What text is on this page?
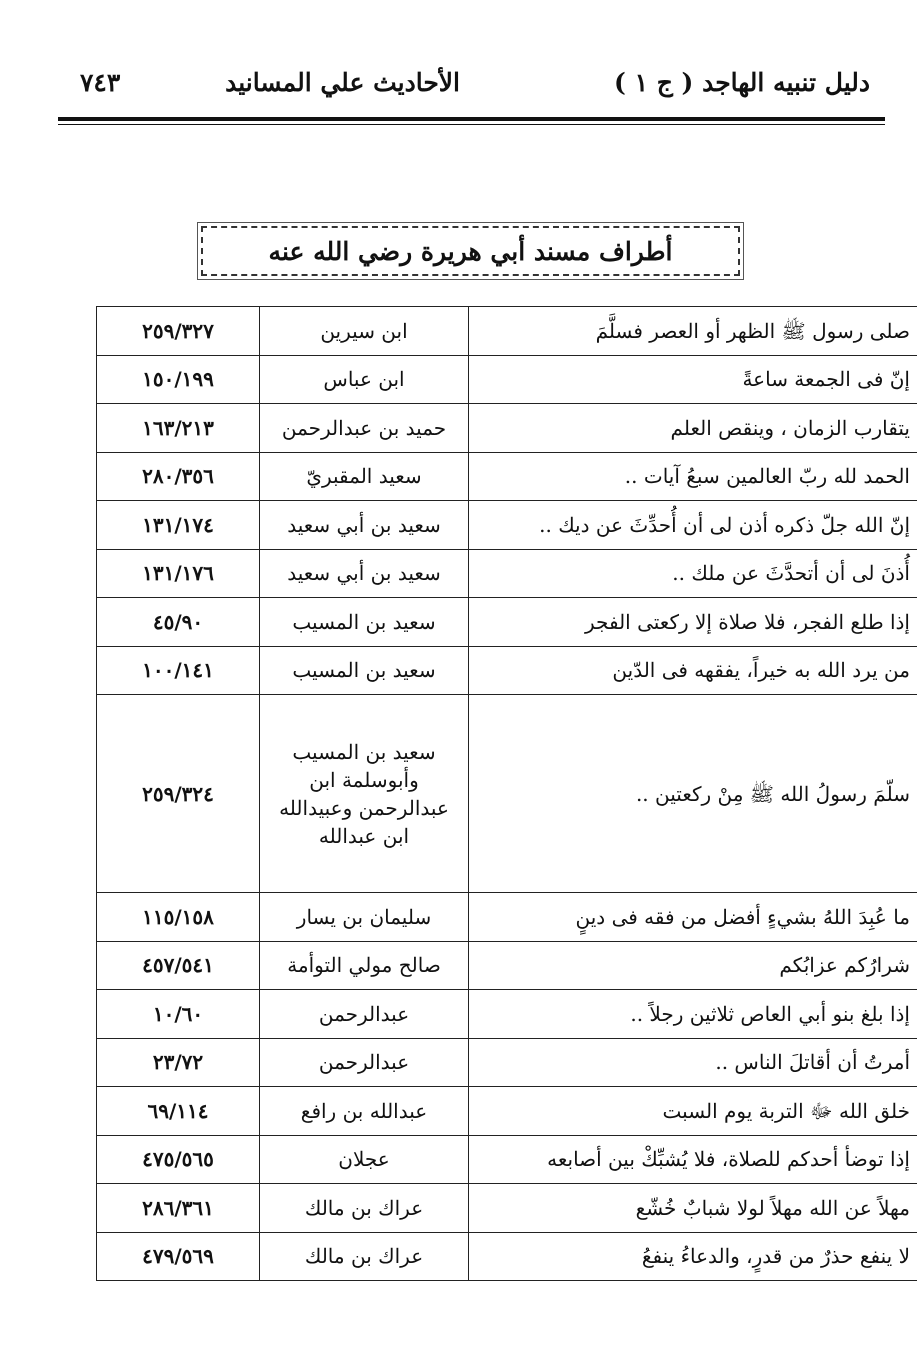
دليل تنبيه الهاجد ( ج ١ )
الأحاديث علي المسانيد
٧٤٣
أطراف مسند أبي هريرة رضي الله عنه
صلى رسول ﷺ الظهر أو العصر فسلَّمَ	ابن سيرين	٢٥٩/٣٢٧
إنّ فى الجمعة ساعةً	ابن عباس	١٥٠/١٩٩
يتقارب الزمان ، وينقص العلم	حميد بن عبدالرحمن	١٦٣/٢١٣
الحمد لله ربّ العالمين سبعُ آيات ..	سعيد المقبريّ	٢٨٠/٣٥٦
إنّ الله جلّ ذكره أذن لى أن أُحدِّثَ عن ديك ..	سعيد بن أبي سعيد	١٣١/١٧٤
أُذنَ لى أن أتحدَّثَ عن ملك ..	سعيد بن أبي سعيد	١٣١/١٧٦
إذا طلع الفجر، فلا صلاة إلا ركعتى الفجر	سعيد بن المسيب	٤٥/٩٠
من يرد الله به خيراً، يفقهه فى الدّين	سعيد بن المسيب	١٠٠/١٤١
سلّمَ رسولُ الله ﷺ مِنْ ركعتين ..	سعيد بن المسيب
وأبوسلمة ابن
عبدالرحمن وعبيدالله
ابن عبدالله	٢٥٩/٣٢٤
ما عُبِدَ اللهُ بشيءٍ أفضل من فقه فى دينٍ	سليمان بن يسار	١١٥/١٥٨
شرارُكم عزابُكم	صالح مولي التوأمة	٤٥٧/٥٤١
إذا بلغ بنو أبي العاص ثلاثين رجلاً ..	عبدالرحمن	١٠/٦٠
أمرتُ أن أقاتلَ الناس ..	عبدالرحمن	٢٣/٧٢
خلق الله ﷻ التربة يوم السبت	عبدالله بن رافع	٦٩/١١٤
إذا توضأ أحدكم للصلاة، فلا يُشبِّكْ بين أصابعه	عجلان	٤٧٥/٥٦٥
مهلاً عن الله مهلاً لولا شبابٌ خُشّع	عراك بن مالك	٢٨٦/٣٦١
لا ينفع حذرٌ من قدرٍ، والدعاءُ ينفعُ	عراك بن مالك	٤٧٩/٥٦٩
